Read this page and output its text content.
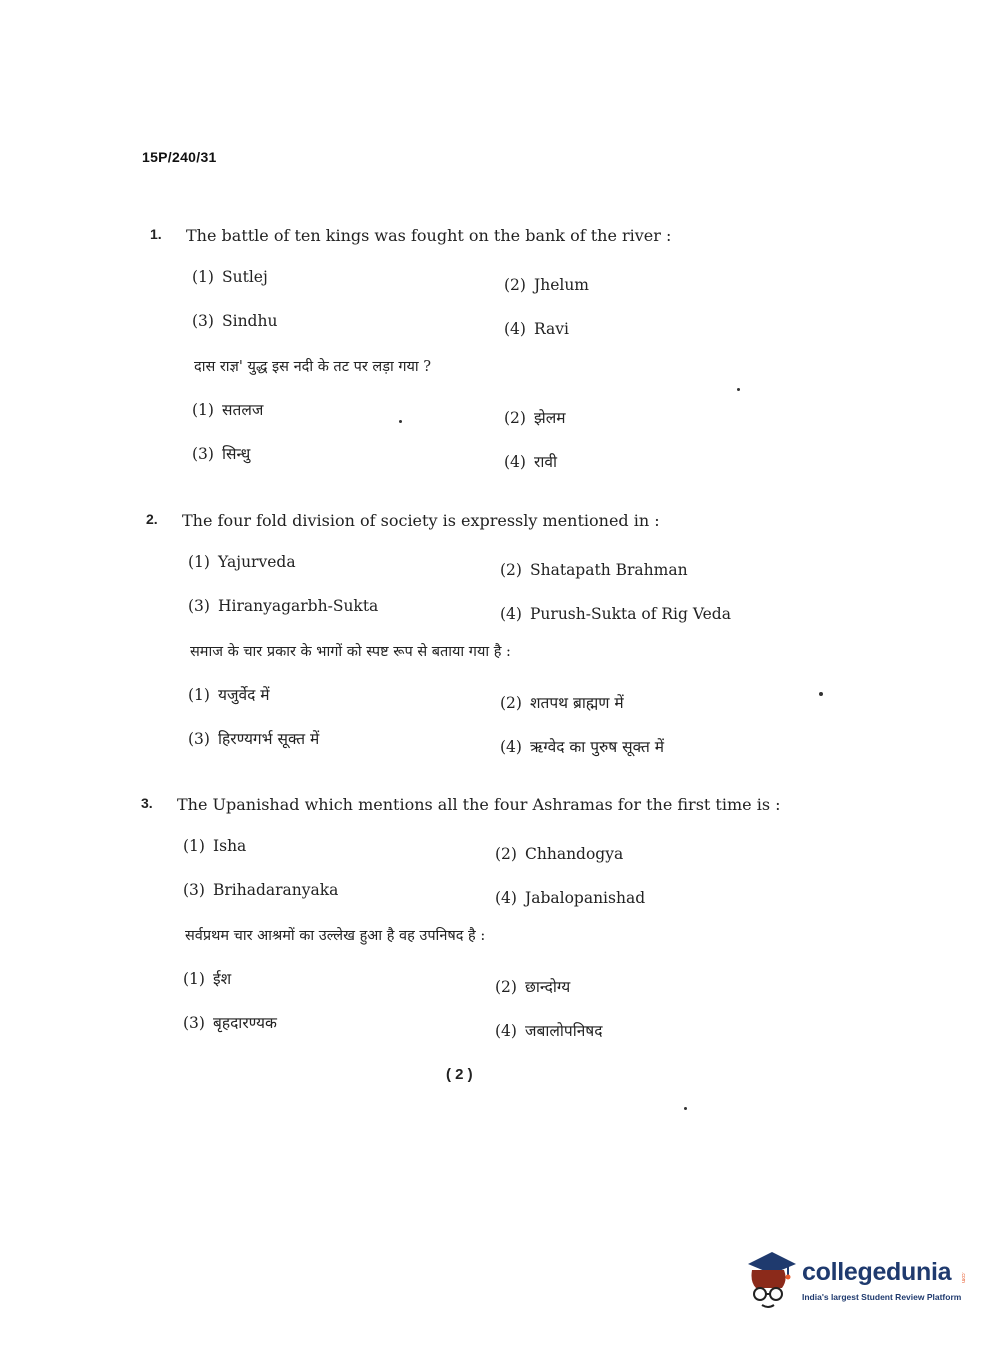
15P/240/31
1. The battle of ten kings was fought on the bank of the river :
(1) Sutlej	(2) Jhelum
(3) Sindhu	(4) Ravi
दास राज्ञ' युद्ध इस नदी के तट पर लड़ा गया ?
(1) सतलज	(2) झेलम
(3) सिन्धु	(4) रावी
2. The four fold division of society is expressly mentioned in :
(1) Yajurveda	(2) Shatapath Brahman
(3) Hiranyagarbh-Sukta	(4) Purush-Sukta of Rig Veda
समाज के चार प्रकार के भागों को स्पष्ट रूप से बताया गया है :
(1) यजुर्वेद में	(2) शतपथ ब्राह्मण में
(3) हिरण्यगर्भ सूक्त में	(4) ऋग्वेद का पुरुष सूक्त में
3. The Upanishad which mentions all the four Ashramas for the first time is :
(1) Isha	(2) Chhandogya
(3) Brihadaranyaka	(4) Jabalopanishad
सर्वप्रथम चार आश्रमों का उल्लेख हुआ है वह उपनिषद है :
(1) ईश	(2) छान्दोग्य
(3) बृहदारण्यक	(4) जबालोपनिषद
( 2 )
collegedunia .com
India's largest Student Review Platform
